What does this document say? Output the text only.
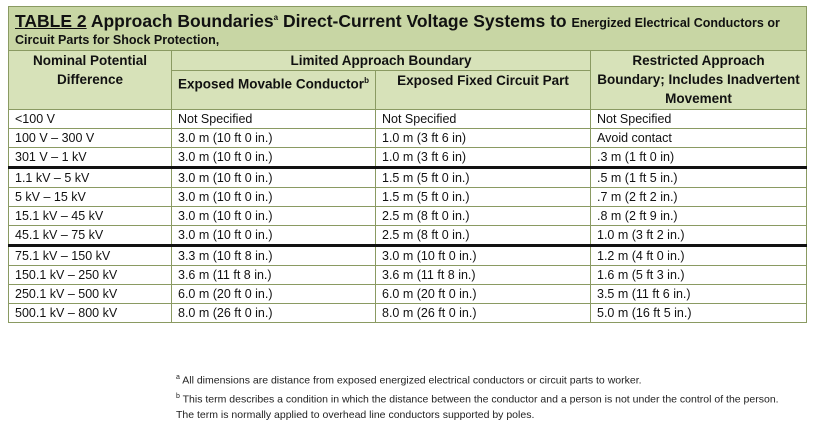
TABLE 2 Approach Boundaries$^a$ Direct-Current Voltage Systems to Energized Electrical Conductors or
Circuit Parts for Shock Protection,			

Nominal Potential Difference	Limited Approach Boundary		Restricted Approach Boundary; Includes Inadvertent Movement
	Exposed Movable Conductor$^b$	Exposed Fixed Circuit Part	
<100 V	Not Specified	Not Specified	Not Specified
100 V – 300 V	3.0 m (10 ft 0 in.)	1.0 m (3 ft 6 in)	Avoid contact
301 V – 1 kV	3.0 m (10 ft 0 in.)	1.0 m (3 ft 6 in)	.3 m (1 ft 0 in)
1.1 kV – 5 kV	3.0 m (10 ft 0 in.)	1.5 m (5 ft 0 in.)	.5 m (1 ft 5 in.)
5 kV – 15 kV	3.0 m (10 ft 0 in.)	1.5 m (5 ft 0 in.)	.7 m (2 ft 2 in.)
15.1 kV – 45 kV	3.0 m (10 ft 0 in.)	2.5 m (8 ft 0 in.)	.8 m (2 ft 9 in.)
45.1 kV – 75 kV	3.0 m (10 ft 0 in.)	2.5 m (8 ft 0 in.)	1.0 m (3 ft 2 in.)
75.1 kV – 150 kV	3.3 m (10 ft 8 in.)	3.0 m (10 ft 0 in.)	1.2 m (4 ft 0 in.)
150.1 kV – 250 kV	3.6 m (11 ft 8 in.)	3.6 m (11 ft 8 in.)	1.6 m (5 ft 3 in.)
250.1 kV – 500 kV	6.0 m (20 ft 0 in.)	6.0 m (20 ft 0 in.)	3.5 m (11 ft 6 in.)
500.1 kV – 800 kV	8.0 m (26 ft 0 in.)	8.0 m (26 ft 0 in.)	5.0 m (16 ft 5 in.)
$^a$ All dimensions are distance from exposed energized electrical conductors or circuit parts to worker.
$^b$ This term describes a condition in which the distance between the conductor and a person is not under the control of the person.
The term is normally applied to overhead line conductors supported by poles.
